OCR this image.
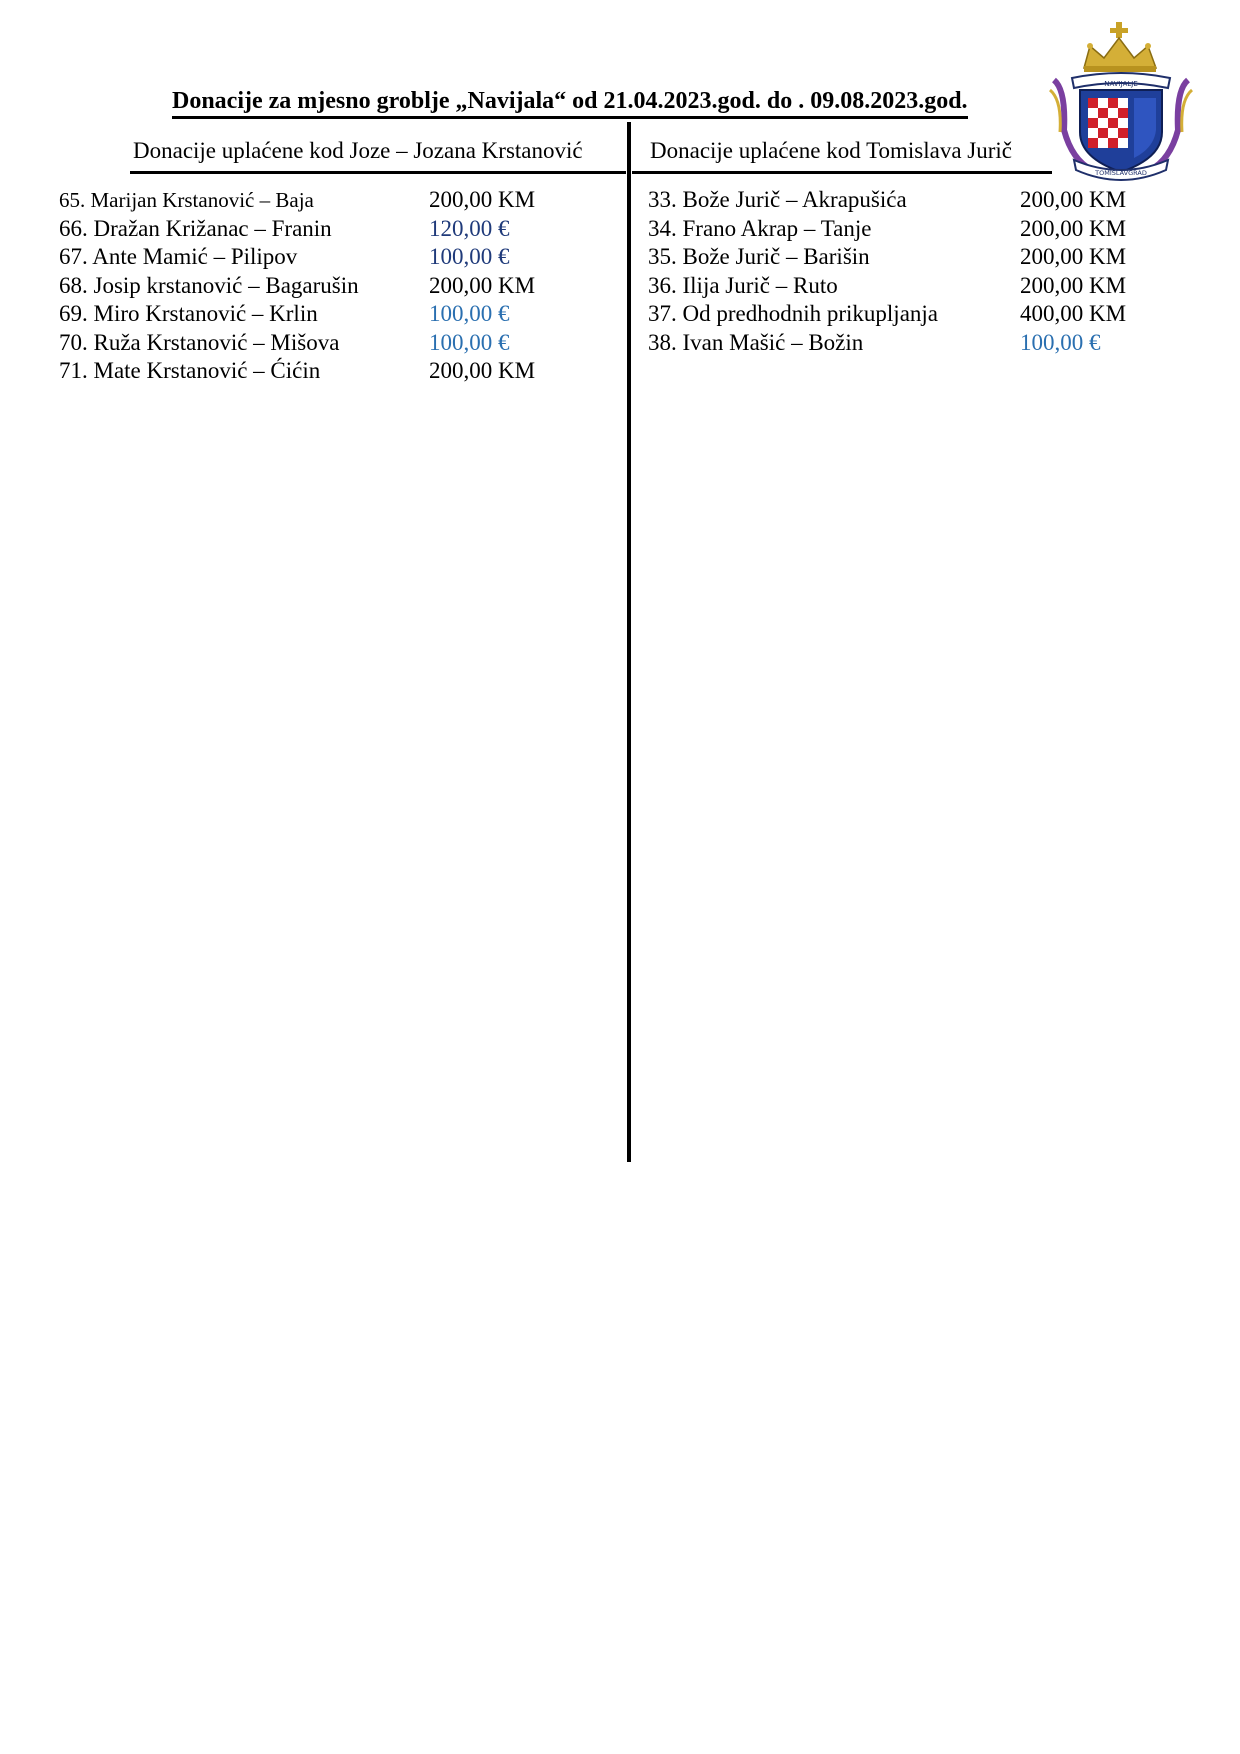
Donacije za mjesno groblje „Navijala“ od 21.04.2023.god. do . 09.08.2023.god.
Donacije uplaćene kod Joze – Jozana Krstanović	Donacije uplaćene kod Tomislava Jurič
65. Marijan Krstanović – Baja	200,00 KM
66. Dražan Križanac – Franin	120,00 €
67. Ante Mamić – Pilipov	100,00 €
68. Josip krstanović – Bagarušin	200,00 KM
69. Miro Krstanović – Krlin	100,00 €
70. Ruža Krstanović – Mišova	100,00 €
71. Mate Krstanović – Ćićin	200,00 KM
33. Bože Jurič – Akrapušića	200,00 KM
34. Frano Akrap – Tanje	200,00 KM
35. Bože Jurič – Barišin	200,00 KM
36. Ilija Jurič – Ruto	200,00 KM
37. Od predhodnih prikupljanja	400,00 KM
38. Ivan Mašić – Božin	100,00 €
NAVIJALJE
TOMISLAVGRAD
